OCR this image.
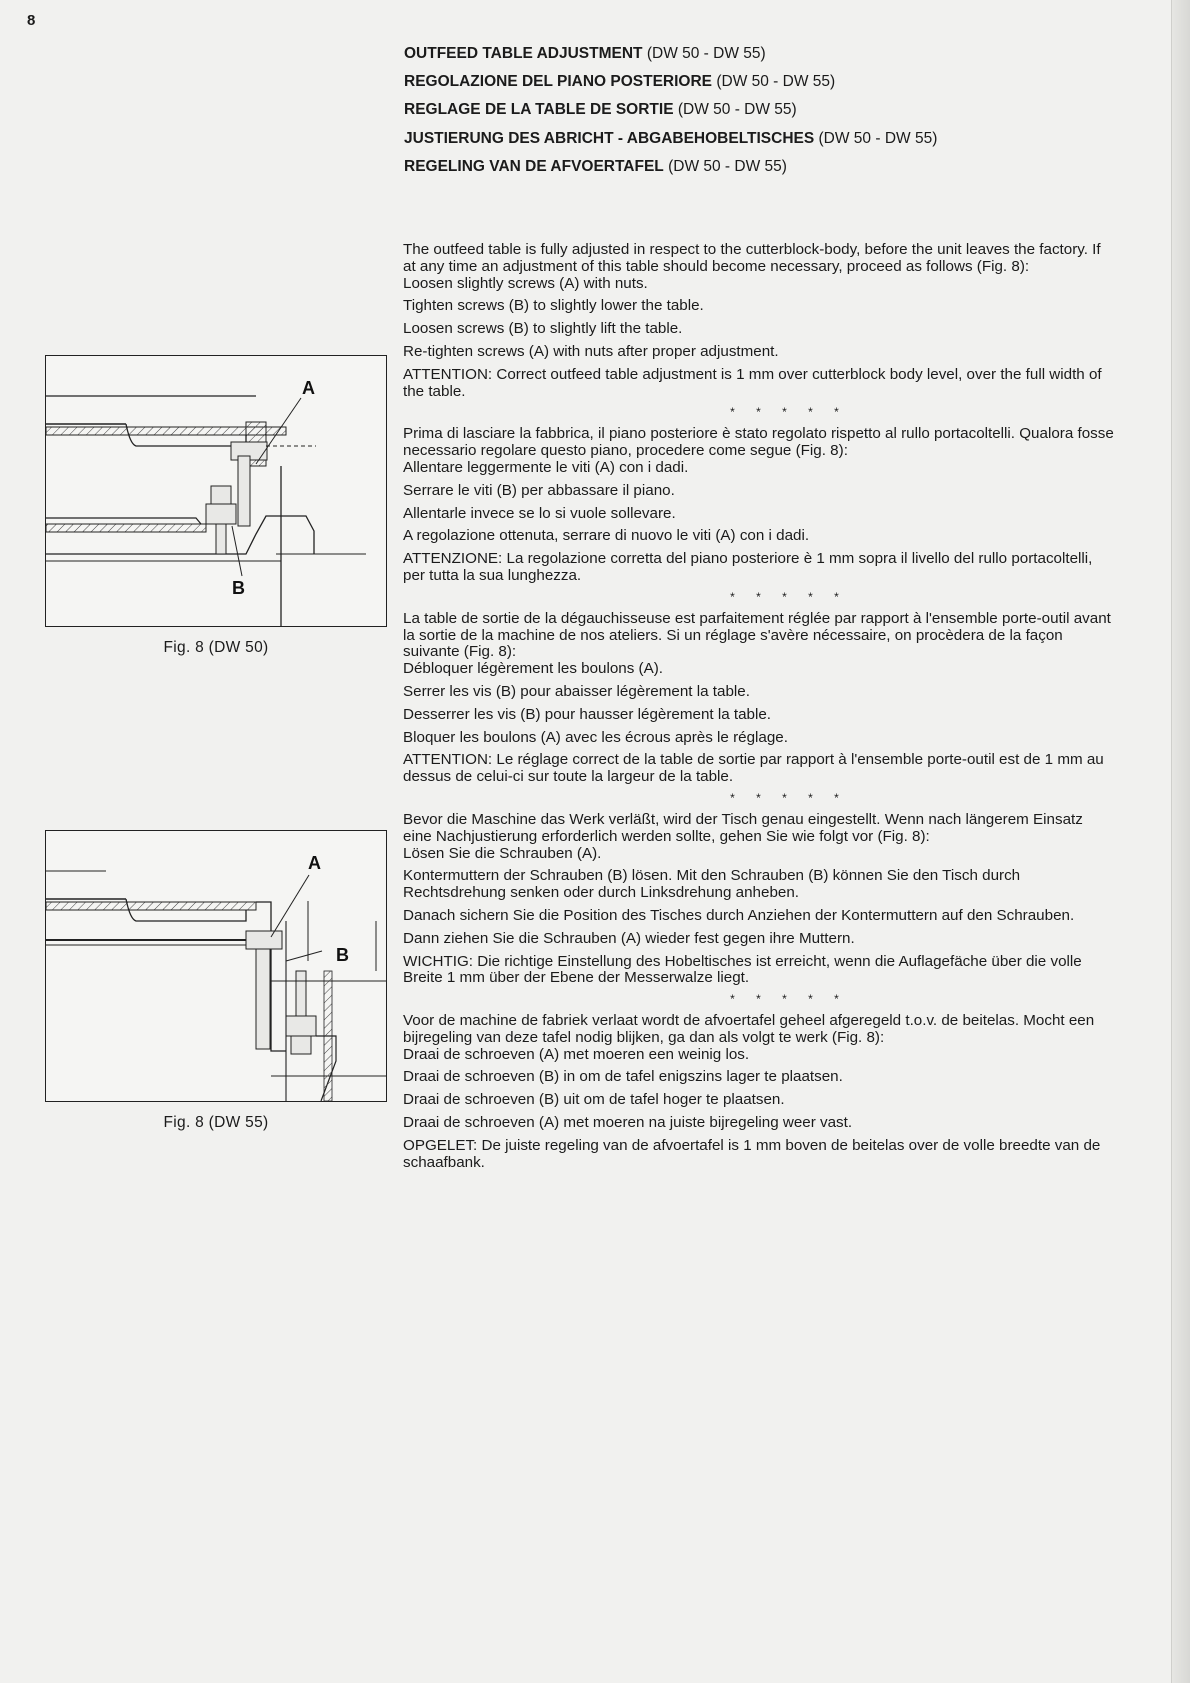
8
OUTFEED TABLE ADJUSTMENT (DW 50 - DW 55)
REGOLAZIONE DEL PIANO POSTERIORE (DW 50 - DW 55)
REGLAGE DE LA TABLE DE SORTIE (DW 50 - DW 55)
JUSTIERUNG DES ABRICHT - ABGABEHOBELTISCHES (DW 50 - DW 55)
REGELING VAN DE AFVOERTAFEL (DW 50 - DW 55)
A
B
Fig. 8 (DW 50)
A
B
Fig. 8 (DW 55)

The outfeed table is fully adjusted in respect to the cutterblock-body, before the unit leaves the factory. If at any time an adjustment of this table should become necessary, proceed as follows (Fig. 8):

Loosen slightly screws (A) with nuts.

Tighten screws (B) to slightly lower the table.

Loosen screws (B) to slightly lift the table.

Re-tighten screws (A) with nuts after proper adjustment.

ATTENTION: Correct outfeed table adjustment is 1 mm over cutterblock body level, over the full width of the table.

* * * * *

Prima di lasciare la fabbrica, il piano posteriore è stato regolato rispetto al rullo portacoltelli. Qualora fosse necessario regolare questo piano, procedere come segue (Fig. 8):

Allentare leggermente le viti (A) con i dadi.

Serrare le viti (B) per abbassare il piano.

Allentarle invece se lo si vuole sollevare.

A regolazione ottenuta, serrare di nuovo le viti (A) con i dadi.

ATTENZIONE: La regolazione corretta del piano posteriore è 1 mm sopra il livello del rullo portacoltelli, per tutta la sua lunghezza.

* * * * *

La table de sortie de la dégauchisseuse est parfaitement réglée par rapport à l'ensemble porte-outil avant la sortie de la machine de nos ateliers. Si un réglage s'avère nécessaire, on procèdera de la façon suivante (Fig. 8):

Débloquer légèrement les boulons (A).

Serrer les vis (B) pour abaisser légèrement la table.

Desserrer les vis (B) pour hausser légèrement la table.

Bloquer les boulons (A) avec les écrous après le réglage.

ATTENTION: Le réglage correct de la table de sortie par rapport à l'ensemble porte-outil est de 1 mm au dessus de celui-ci sur toute la largeur de la table.

* * * * *

Bevor die Maschine das Werk verläßt, wird der Tisch genau eingestellt. Wenn nach längerem Einsatz eine Nachjustierung erforderlich werden sollte, gehen Sie wie folgt vor (Fig. 8):

Lösen Sie die Schrauben (A).

Kontermuttern der Schrauben (B) lösen. Mit den Schrauben (B) können Sie den Tisch durch Rechtsdrehung senken oder durch Linksdrehung anheben.

Danach sichern Sie die Position des Tisches durch Anziehen der Kontermuttern auf den Schrauben.

Dann ziehen Sie die Schrauben (A) wieder fest gegen ihre Muttern.

WICHTIG: Die richtige Einstellung des Hobeltisches ist erreicht, wenn die Auflagefäche über die volle Breite 1 mm über der Ebene der Messerwalze liegt.

* * * * *

Voor de machine de fabriek verlaat wordt de afvoertafel geheel afgeregeld t.o.v. de beitelas. Mocht een bijregeling van deze tafel nodig blijken, ga dan als volgt te werk (Fig. 8):

Draai de schroeven (A) met moeren een weinig los.

Draai de schroeven (B) in om de tafel enigszins lager te plaatsen.

Draai de schroeven (B) uit om de tafel hoger te plaatsen.

Draai de schroeven (A) met moeren na juiste bijregeling weer vast.

OPGELET: De juiste regeling van de afvoertafel is 1 mm boven de beitelas over de volle breedte van de schaafbank.
